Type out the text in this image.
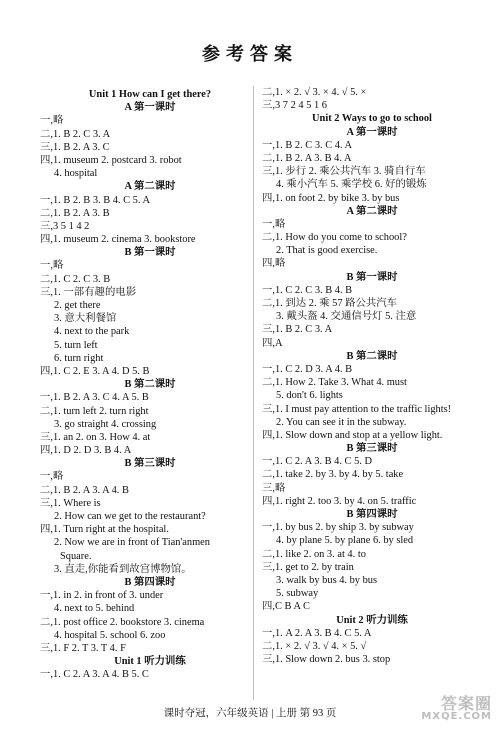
参考答案
Unit 1 How can I get there?
A 第一课时
一,略
二,1. B 2. C 3. A
三,1. B 2. A 3. C
四,1. museum 2. postcard 3. robot
4. hospital
A 第二课时
一,1. B 2. B 3. B 4. C 5. A
二,1. B 2. A 3. B
三,3 5 1 4 2
四,1. museum 2. cinema 3. bookstore
B 第一课时
一,略
二,1. C 2. C 3. B
三,1. 一部有趣的电影
2. get there
3. 意大利餐馆
4. next to the park
5. turn left
6. turn right
四,1. C 2. E 3. A 4. D 5. B
B 第二课时
一,1. B 2. A 3. C 4. A 5. B
二,1. turn left 2. turn right
3. go straight 4. crossing
三,1. an 2. on 3. How 4. at
四,1. D 2. D 3. B 4. A
B 第三课时
一,略
二,1. B 2. A 3. A 4. B
三,1. Where is
2. How can we get to the restaurant?
四,1. Turn right at the hospital.
2. Now we are in front of Tian'anmen
Square.
3. 直走,你能看到故宫博物馆。
B 第四课时
一,1. in 2. in front of 3. under
4. next to 5. behind
二,1. post office 2. bookstore 3. cinema
4. hospital 5. school 6. zoo
三,1. F 2. T 3. T 4. F
Unit 1 听力训练
一,1. C 2. A 3. A 4. B 5. C
二,1. × 2. √ 3. × 4. √ 5. ×
三,3 7 2 4 5 1 6
Unit 2 Ways to go to school
A 第一课时
一,1. B 2. C 3. C 4. A
二,1. B 2. A 3. B 4. A
三,1. 步行 2. 乘公共汽车 3. 骑自行车
4. 乘小汽车 5. 乘学校 6. 好的锻炼
四,1. on foot 2. by bike 3. by bus
A 第二课时
一,略
二,1. How do you come to school?
2. That is good exercise.
四,略
B 第一课时
一,1. C 2. C 3. B 4. B
二,1. 到达 2. 乘 57 路公共汽车
3. 戴头盔 4. 交通信号灯 5. 注意
三,1. B 2. C 3. A
四,A
B 第二课时
一,1. C 2. D 3. A 4. B
二,1. How 2. Take 3. What 4. must
5. don't 6. lights
三,1. I must pay attention to the traffic lights!
2. You can see it in the subway.
四,1. Slow down and stop at a yellow light.
B 第三课时
一,1. C 2. A 3. B 4. C 5. D
二,1. take 2. by 3. by 4. by 5. take
三,略
四,1. right 2. too 3. by 4. on 5. traffic
B 第四课时
一,1. by bus 2. by ship 3. by subway
4. by plane 5. by plane 6. by sled
二,1. like 2. on 3. at 4. to
三,1. get to 2. by train
3. walk by bus 4. by bus
5. subway
四,C B A C
Unit 2 听力训练
一,1. A 2. A 3. B 4. C 5. A
二,1. × 2. √ 3. √ 4. × 5. √
三,1. Slow down 2. bus 3. stop
课时夺冠，六年级英语 | 上册 第 93 页
答案圈
MXQE.COM
